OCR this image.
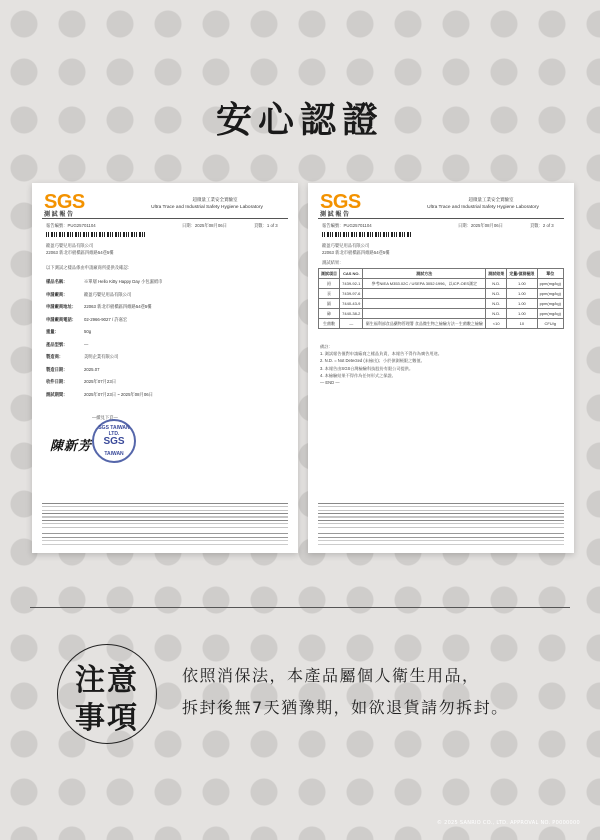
安心認證
SGS	超微量工業安全實驗室
Ultra Trace and Industrial Safety Hygiene Laboratory
測 試 報 告
報告編號：PUG25701104	日期：2025年08月06日	頁數：1 of 3
歐盈巧嬰兒用品有限公司
22063 新北市板橋區四維路54巷5樓
以下測試之樣品係由申請廠商所提供及確認：
樣品名稱：	※單層 Hello Kitty Happy Day 小包濕紙巾
申請廠商：	歐盈巧嬰兒用品有限公司
申請廠商地址： 22063 新北市板橋區四維路54巷5樓
申請廠商電話： 02-2966-9027 / 許嘉宏
重量：	50g
產品型號：	—
製造商：	美明企業有限公司
製造日期：	2025.07
收件日期：	2025年07月23日
測試期間：	2025年07月23日 ~ 2025年08月06日
—續見下頁—
陳新芳
SGS TAIWAN LTD.
SGS
TAIWAN
SGS	超微量工業安全實驗室
Ultra Trace and Industrial Safety Hygiene Laboratory
測 試 報 告
報告編號：PUG25701104	日期：2025年08月06日	頁數：2 of 3
歐盈巧嬰兒用品有限公司
22063 新北市板橋區四維路54巷5樓
測試結果：
測試項目	CAS NO.	測試方法	測試結果	定量/偵測極限	單位
鉛	7439-92-1	參考NIEA M353.02C / USEPA 3052:1996，以ICP-OES測定	N.D.	1.00	ppm(mg/kg)
汞	7439-97-6		N.D.	1.00	ppm(mg/kg)
鎘	7440-43-9		N.D.	1.00	ppm(mg/kg)
砷	7440-38-2		N.D.	1.00	ppm(mg/kg)
生菌數	—	衛生福利部食品藥物管理署 食品微生物之檢驗方法－生菌數之檢驗	<10	10	CFU/g
備註：
1. 測試報告僅對申請廠商之樣品負責，本報告不得作為廣告用途。
2. N.D. = Not Detected (未檢出)；小於偵測極限之數值。
3. 本報告由SGS台灣檢驗科技股份有限公司提供。
4. 本檢驗結果不得作為任何形式之保證。
— END —
注意
事項
依照消保法，本產品屬個人衛生用品，
拆封後無7天猶豫期，如欲退貨請勿拆封。
© 2025 SANRIO CO., LTD. APPROVAL NO. P0000000
